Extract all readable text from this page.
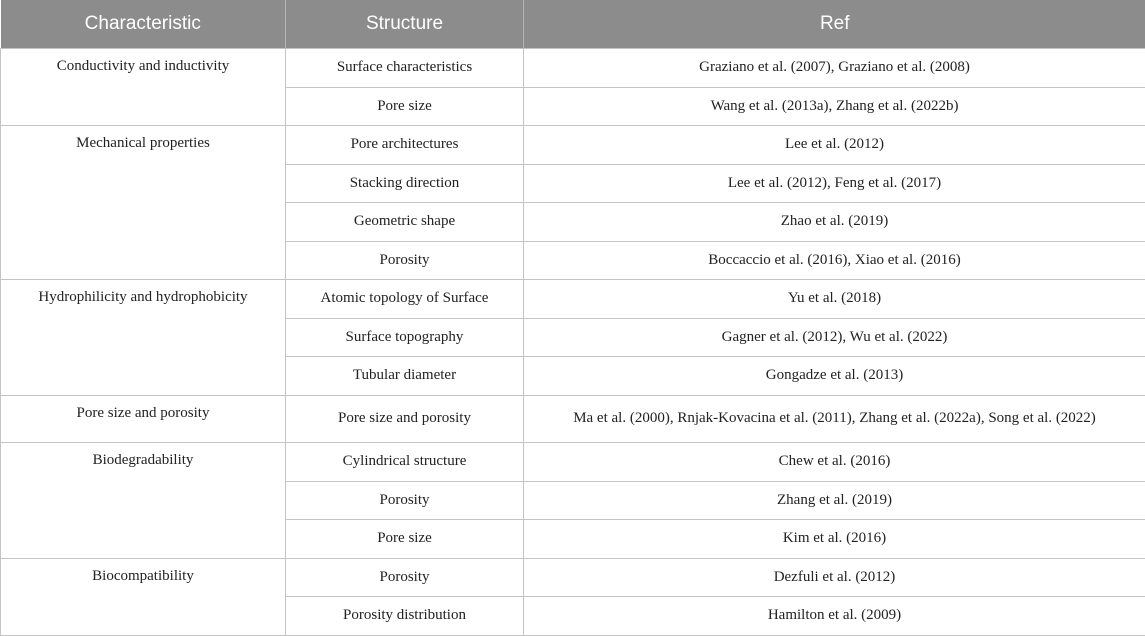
Characteristic	Structure	Ref
Conductivity and inductivity	Surface characteristics	Graziano et al. (2007), Graziano et al. (2008)
	Pore size	Wang et al. (2013a), Zhang et al. (2022b)
Mechanical properties	Pore architectures	Lee et al. (2012)
	Stacking direction	Lee et al. (2012), Feng et al. (2017)
	Geometric shape	Zhao et al. (2019)
	Porosity	Boccaccio et al. (2016), Xiao et al. (2016)
Hydrophilicity and hydrophobicity	Atomic topology of Surface	Yu et al. (2018)
	Surface topography	Gagner et al. (2012), Wu et al. (2022)
	Tubular diameter	Gongadze et al. (2013)
Pore size and porosity	Pore size and porosity	Ma et al. (2000), Rnjak-Kovacina et al. (2011), Zhang et al. (2022a), Song et al. (2022)
Biodegradability	Cylindrical structure	Chew et al. (2016)
	Porosity	Zhang et al. (2019)
	Pore size	Kim et al. (2016)
Biocompatibility	Porosity	Dezfuli et al. (2012)
	Porosity distribution	Hamilton et al. (2009)
